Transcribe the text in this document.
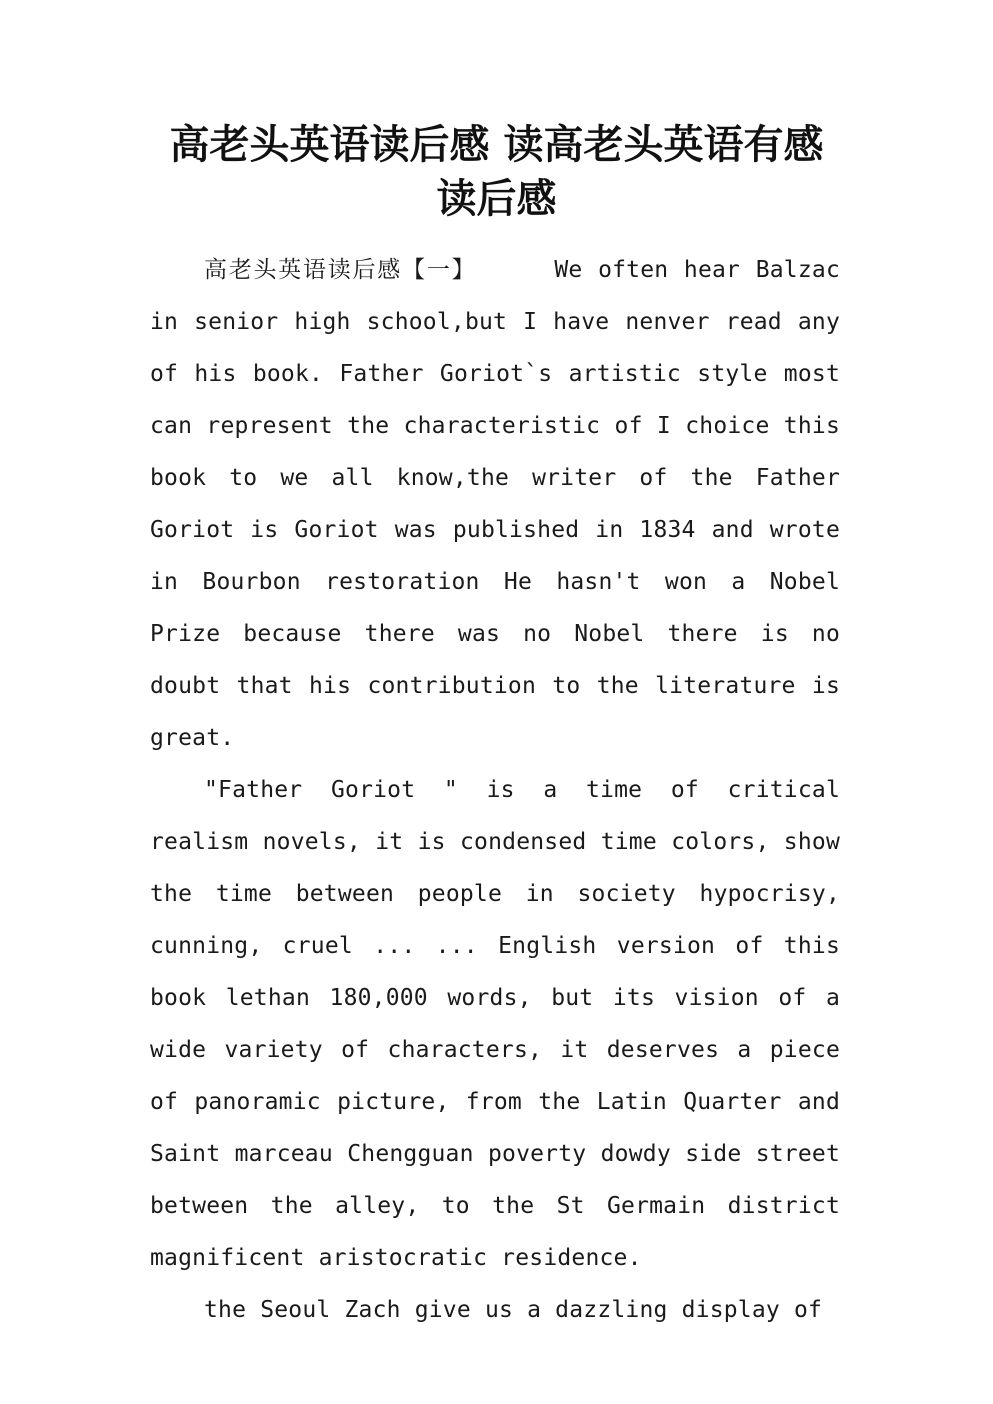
高老头英语读后感 读高老头英语有感读后感

高老头英语读后感【一】	We often hear Balzac in senior high school,but I have nenver read any of his book. Father Goriot`s artistic style most can represent the characteristic of I choice this book to we all know,the writer of the Father Goriot is Goriot was published in 1834 and wrote in Bourbon restoration He hasn't won a Nobel Prize because there was no Nobel there is no doubt that his contribution to the literature is great.

"Father Goriot " is a time of critical realism novels, it is condensed time colors, show the time between people in society hypocrisy, cunning, cruel ... ... English version of this book lethan 180,000 words, but its vision of a wide variety of characters, it deserves a piece of panoramic picture, from the Latin Quarter and Saint marceau Chengguan poverty dowdy side street between the alley, to the St Germain district magnificent aristocratic residence.

the Seoul Zach give us a dazzling display of
